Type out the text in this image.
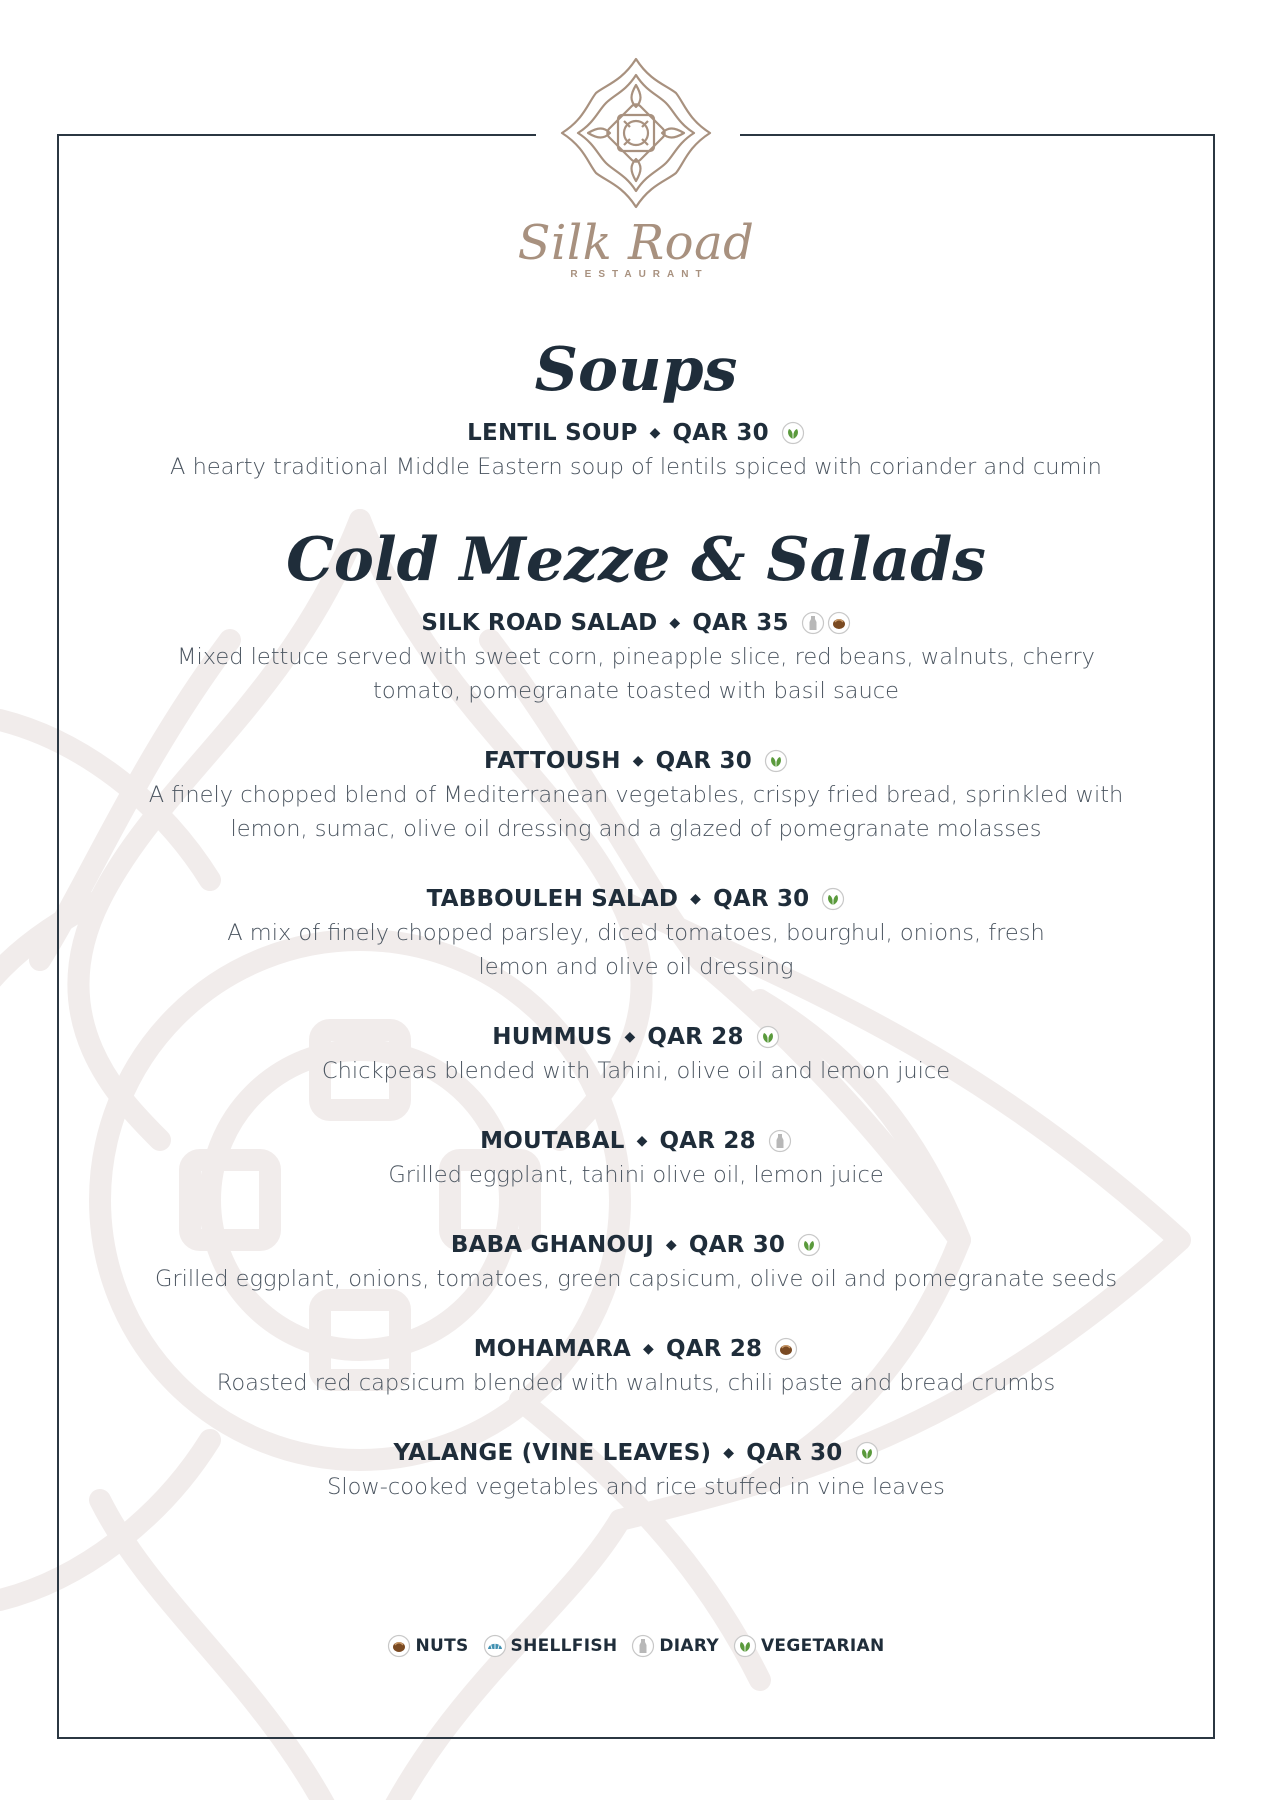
Silk Road
RESTAURANT
Soups
LENTIL SOUP ◆ QAR 30

A hearty traditional Middle Eastern soup of lentils spiced with coriander and cumin

Cold Mezze & Salads
SILK ROAD SALAD ◆ QAR 35

Mixed lettuce served with sweet corn, pineapple slice, red beans, walnuts, cherry tomato, pomegranate toasted with basil sauce

FATTOUSH ◆ QAR 30

A finely chopped blend of Mediterranean vegetables, crispy fried bread, sprinkled with lemon, sumac, olive oil dressing and a glazed of pomegranate molasses

TABBOULEH SALAD ◆ QAR 30

A mix of finely chopped parsley, diced tomatoes, bourghul, onions, fresh lemon and olive oil dressing

HUMMUS ◆ QAR 28

Chickpeas blended with Tahini, olive oil and lemon juice

MOUTABAL ◆ QAR 28

Grilled eggplant, tahini olive oil, lemon juice

BABA GHANOUJ ◆ QAR 30

Grilled eggplant, onions, tomatoes, green capsicum, olive oil and pomegranate seeds

MOHAMARA ◆ QAR 28

Roasted red capsicum blended with walnuts, chili paste and bread crumbs

YALANGE (VINE LEAVES) ◆ QAR 30

Slow-cooked vegetables and rice stuffed in vine leaves

NUTS SHELLFISH DIARY VEGETARIAN
